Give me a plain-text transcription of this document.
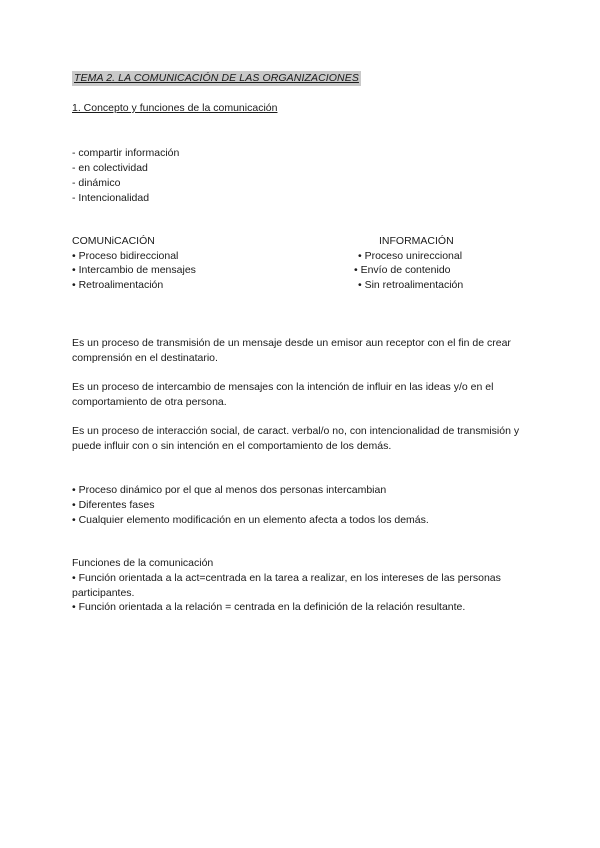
TEMA 2. LA COMUNICACIÓN DE LAS ORGANIZACIONES
1. Concepto y funciones de la comunicación
- compartir información
- en colectividad
- dinámico
- Intencionalidad
COMUNiCACIÓN
• Proceso bidireccional
• Intercambio de mensajes
• Retroalimentación
INFORMACIÓN
• Proceso unireccional
• Envío de contenido
• Sin retroalimentación
Es un proceso de transmisión de un mensaje desde un emisor aun receptor con el fin de crear comprensión en el destinatario.
Es un proceso de intercambio de mensajes con la intención de influir en las ideas y/o en el comportamiento de otra persona.
Es un proceso de interacción social, de caract. verbal/o no, con intencionalidad de transmisión y puede influir con o sin intención en el comportamiento de los demás.
• Proceso dinámico por el que al menos dos personas intercambian
• Diferentes fases
• Cualquier elemento modificación en un elemento afecta a todos los demás.
Funciones de la comunicación
• Función orientada a la act=centrada en la tarea a realizar, en los intereses de las personas participantes.
• Función orientada a la relación = centrada en la definición de la relación resultante.
